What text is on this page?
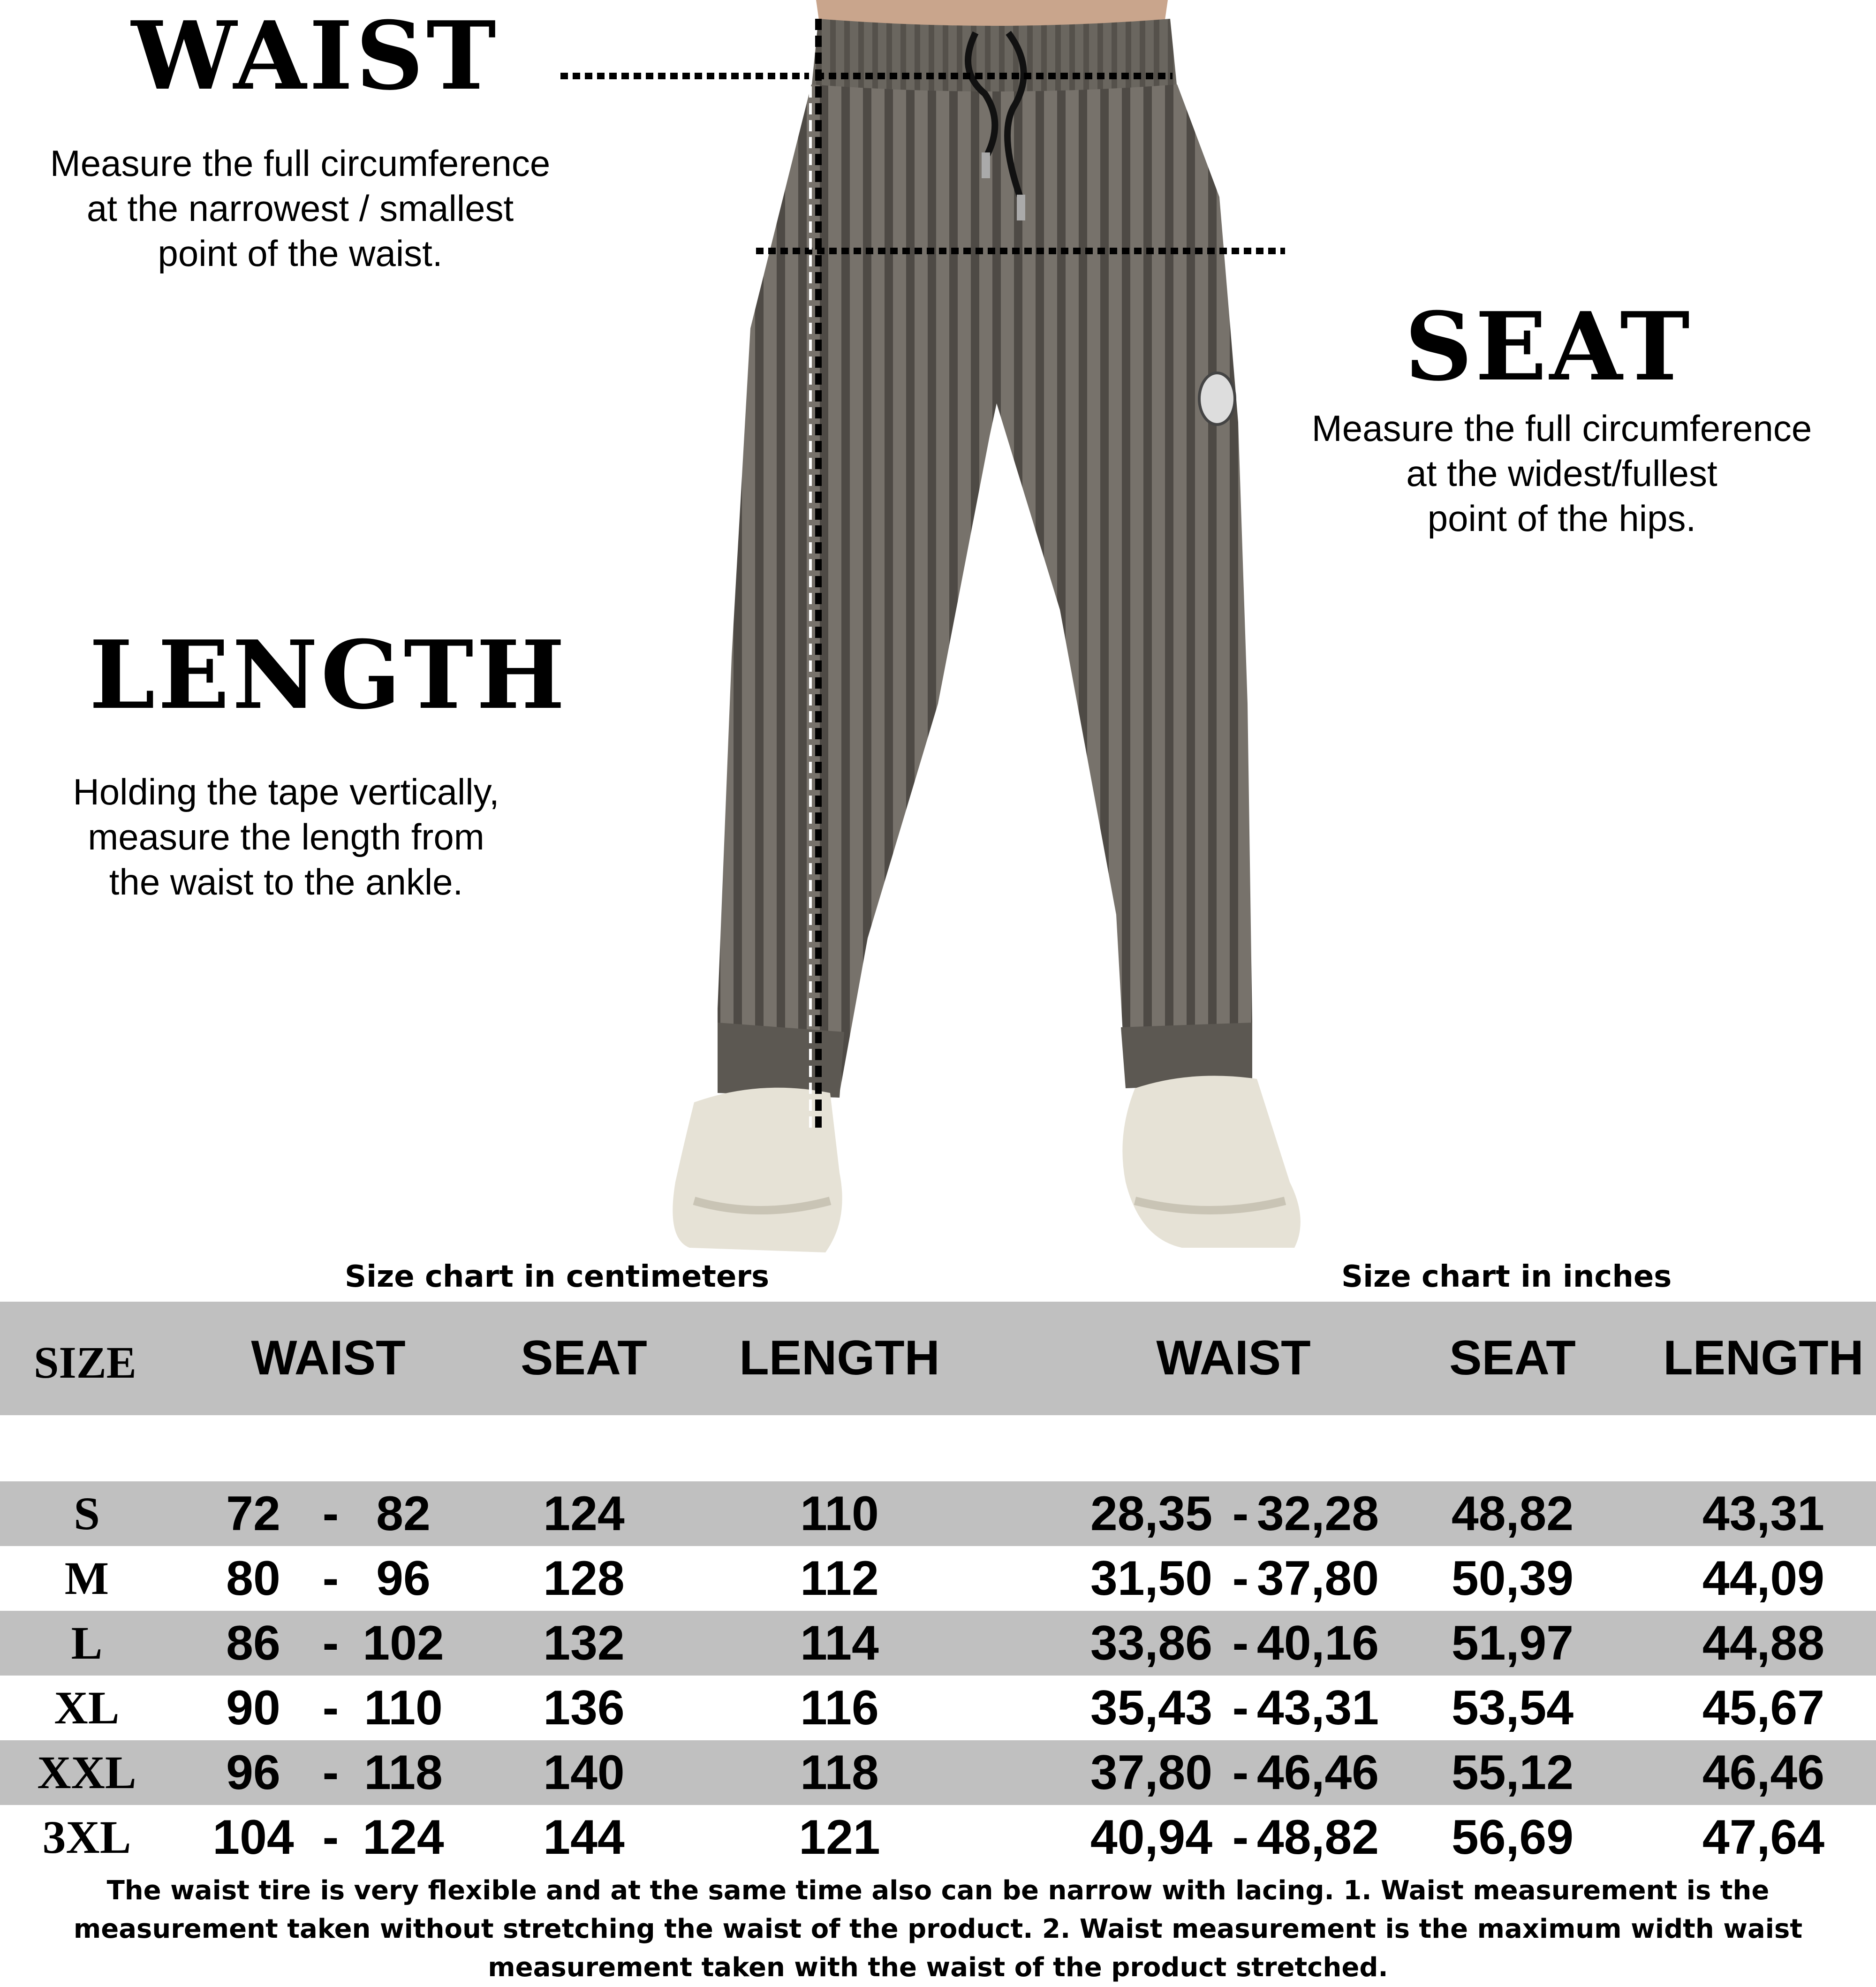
WAIST
Measure the full circumference
at the narrowest / smallest
point of the waist.
SEAT
Measure the full circumference
at the widest/fullest
point of the hips.
LENGTH
Holding the tape vertically,
measure the length from
the waist to the ankle.
Size chart in centimeters	Size chart in inches
SIZE	WAIST	SEAT	LENGTH	WAIST	SEAT	LENGTH
S	72 - 82	124	110	28,35 - 32,28	48,82	43,31
M	80 - 96	128	112	31,50 - 37,80	50,39	44,09
L	86 - 102	132	114	33,86 - 40,16	51,97	44,88
XL	90 - 110	136	116	35,43 - 43,31	53,54	45,67
XXL	96 - 118	140	118	37,80 - 46,46	55,12	46,46
3XL	104 - 124	144	121	40,94 - 48,82	56,69	47,64
The waist tire is very flexible and at the same time also can be narrow with lacing. 1. Waist measurement is the measurement taken without stretching the waist of the product. 2. Waist measurement is the maximum width waist measurement taken with the waist of the product stretched.
